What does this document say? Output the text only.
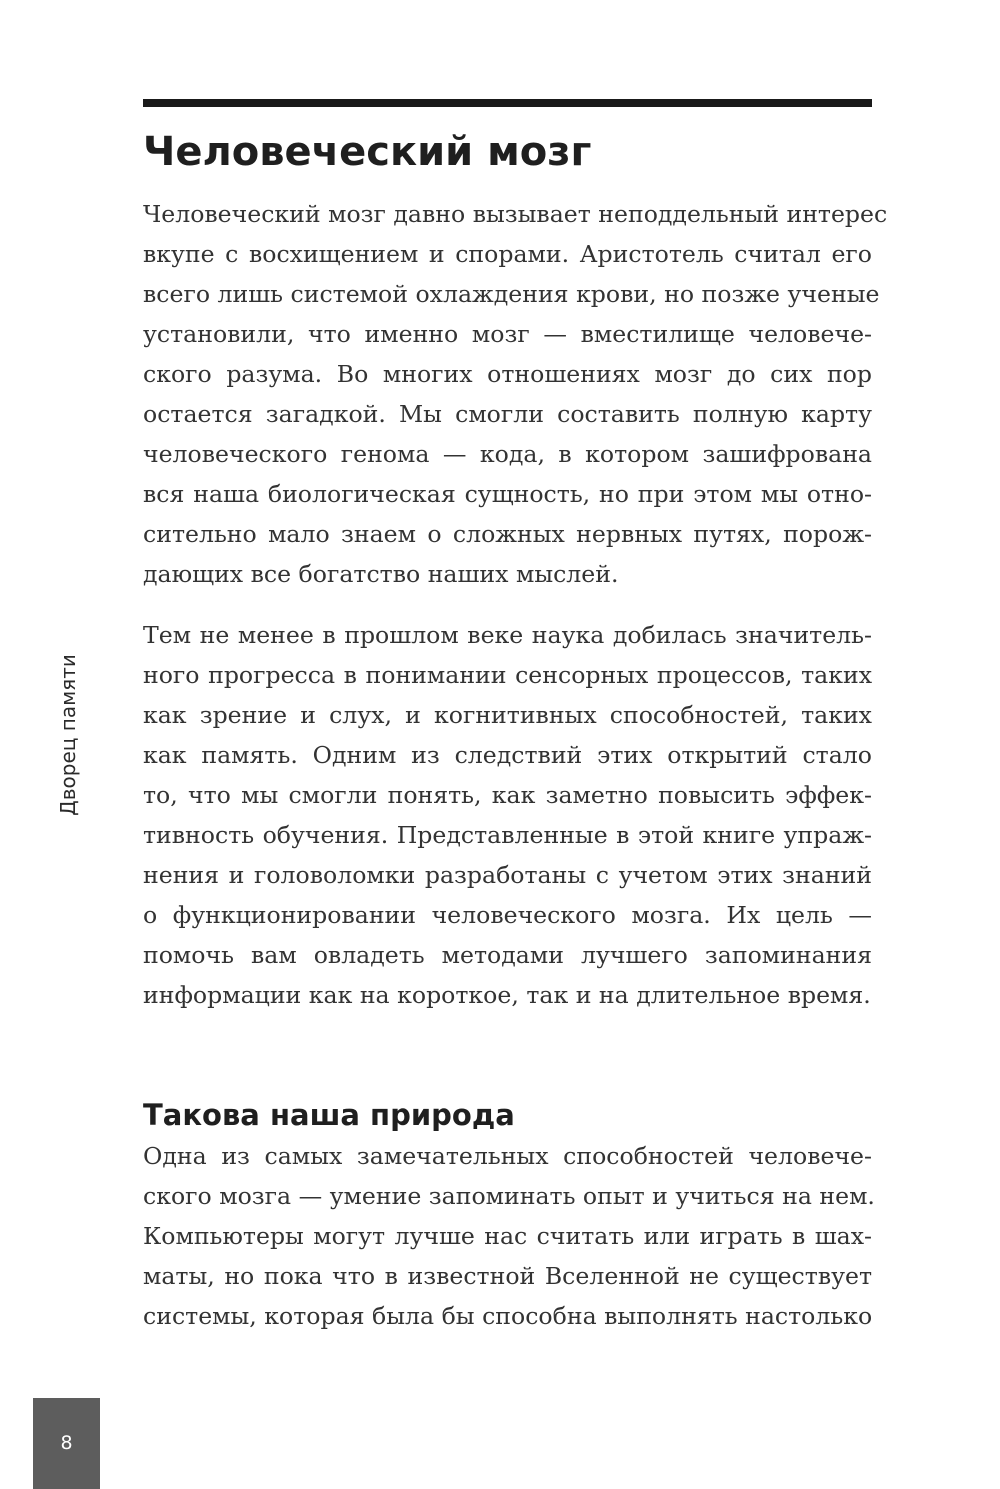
Человеческий мозг
Человеческий мозг давно вызывает неподдельный интерес
вкупе с восхищением и спорами. Аристотель считал его
всего лишь системой охлаждения крови, но позже ученые
установили, что именно мозг — вместилище человече-
ского разума. Во многих отношениях мозг до сих пор
остается загадкой. Мы смогли составить полную карту
человеческого генома — кода, в котором зашифрована
вся наша биологическая сущность, но при этом мы отно-
сительно мало знаем о сложных нервных путях, порож-
дающих все богатство наших мыслей.
Тем не менее в прошлом веке наука добилась значитель-
ного прогресса в понимании сенсорных процессов, таких
как зрение и слух, и когнитивных способностей, таких
как память. Одним из следствий этих открытий стало
то, что мы смогли понять, как заметно повысить эффек-
тивность обучения. Представленные в этой книге упраж-
нения и головоломки разработаны с учетом этих знаний
о функционировании человеческого мозга. Их цель —
помочь вам овладеть методами лучшего запоминания
информации как на короткое, так и на длительное время.
Такова наша природа
Одна из самых замечательных способностей человече-
ского мозга — умение запоминать опыт и учиться на нем.
Компьютеры могут лучше нас считать или играть в шах-
маты, но пока что в известной Вселенной не существует
системы, которая была бы способна выполнять настолько
Дворец памяти
8
